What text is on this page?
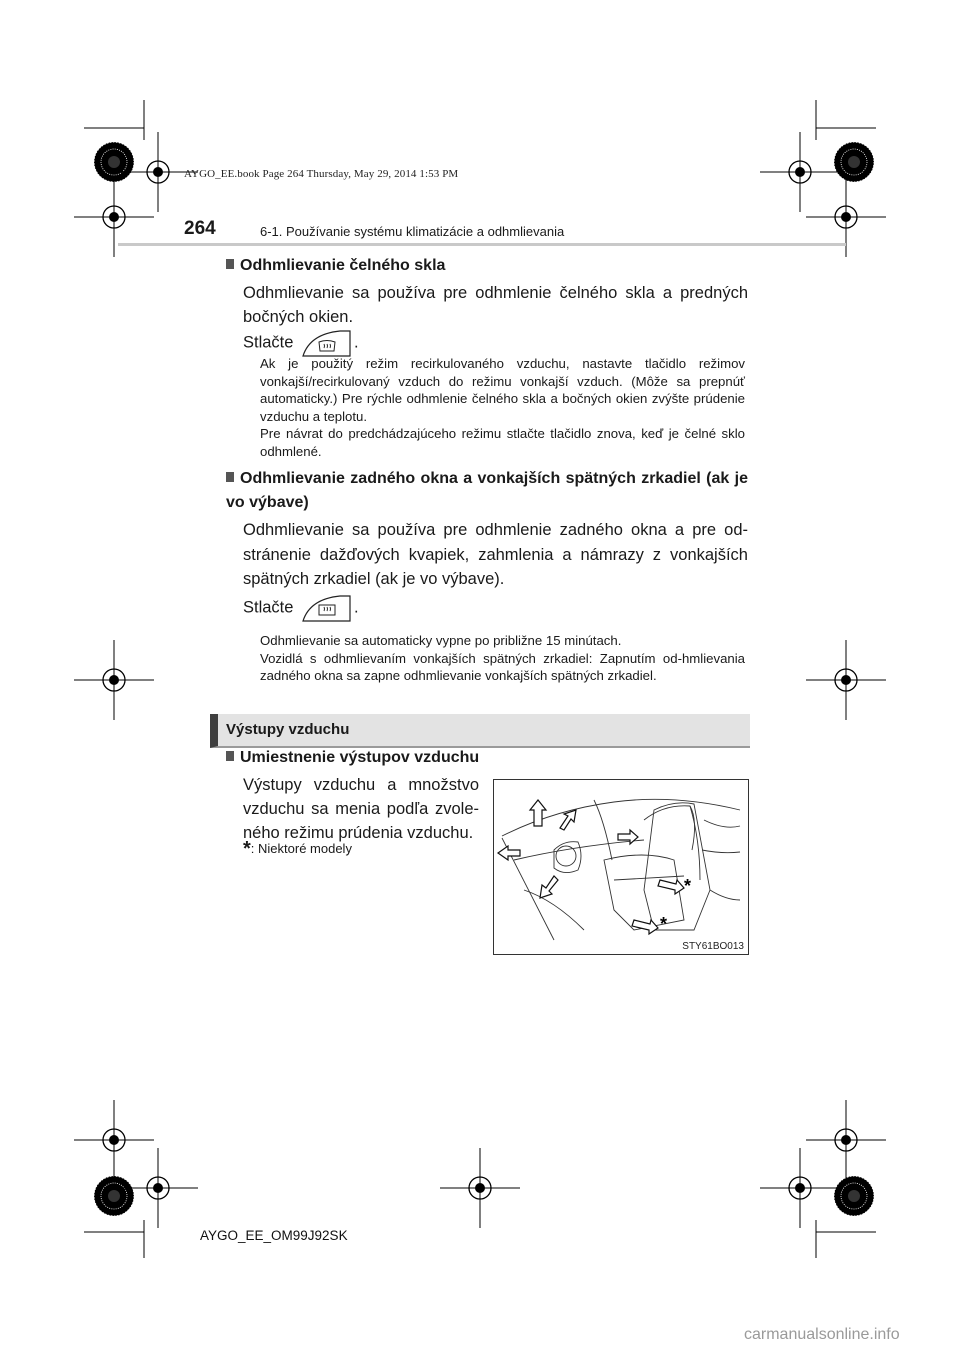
AYGO_EE.book Page 264 Thursday, May 29, 2014 1:53 PM
264	6-1. Používanie systému klimatizácie a odhmlievania
Odhmlievanie čelného skla
Odhmlievanie sa používa pre odhmlenie čelného skla a predných bočných okien.
Stlačte	.

Ak je použitý režim recirkulovaného vzduchu, nastavte tlačidlo režimov vonkajší/recirkulovaný vzduch do režimu vonkajší vzduch. (Môže sa prepnúť automaticky.) Pre rýchle odhmlenie čelného skla a bočných okien zvýšte prúdenie vzduchu a teplotu.

Pre návrat do predchádzajúceho režimu stlačte tlačidlo znova, keď je čelné sklo odhmlené.

Odhmlievanie zadného okna a vonkajších spätných zrkadiel (ak je vo výbave)
Odhmlievanie sa používa pre odhmlenie zadného okna a pre od-stránenie dažďových kvapiek, zahmlenia a námrazy z vonkajších spätných zrkadiel (ak je vo výbave).
Stlačte	.

Odhmlievanie sa automaticky vypne po približne 15 minútach.

Vozidlá s odhmlievaním vonkajších spätných zrkadiel: Zapnutím od-hmlievania zadného okna sa zapne odhmlievanie vonkajších spätných zrkadiel.

Výstupy vzduchu
Umiestnenie výstupov vzduchu
Výstupy vzduchu a množstvo vzduchu sa menia podľa zvole-ného režimu prúdenia vzduchu.
*: Niektoré modely
*
*
STY61BO013
AYGO_EE_OM99J92SK
carmanualsonline.info
